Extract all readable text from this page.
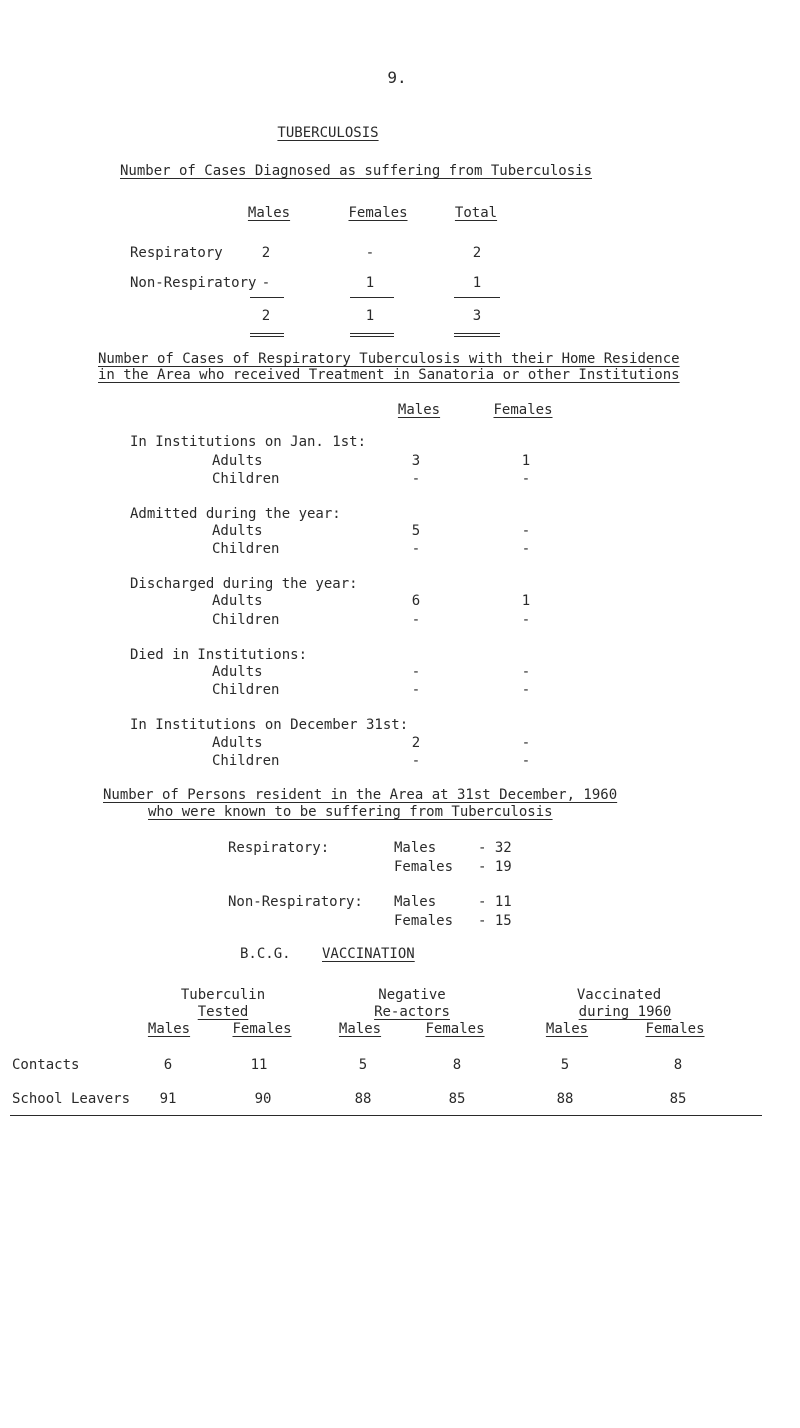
9.
TUBERCULOSIS
Number of Cases Diagnosed as suffering from Tuberculosis
Males	Females	Total
Respiratory	2	-	2
Non-Respiratory -	1	1
2	1	3
Number of Cases of Respiratory Tuberculosis with their Home Residence
in the Area who received Treatment in Sanatoria or other Institutions
Males	Females
In Institutions on Jan. 1st:
Adults	3	1
Children	-	-
Admitted during the year:
Adults	5	-
Children	-	-
Discharged during the year:
Adults	6	1
Children	-	-
Died in Institutions:
Adults	-	-
Children	-	-
In Institutions on December 31st:
Adults	2	-
Children	-	-
Number of Persons resident in the Area at 31st December, 1960
who were known to be suffering from Tuberculosis
Respiratory:	Males	- 32
Females - 19
Non-Respiratory: Males	- 11
Females - 15
B.C.G. VACCINATION
Tuberculin
Tested
Negative
Re-actors
Vaccinated
during 1960
Males	Females	Males	Females	Males	Females
Contacts	6	11	5	8	5	8
School Leavers 91	90	88	85	88	85
